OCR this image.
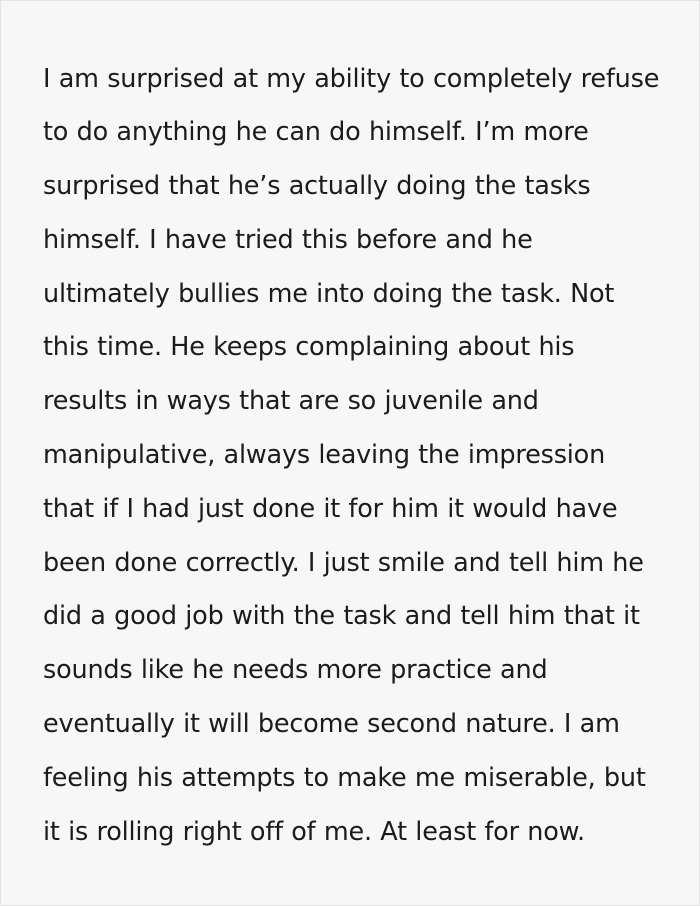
I am surprised at my ability to completely refuse to do anything he can do himself. I’m more surprised that he’s actually doing the tasks himself. I have tried this before and he ultimately bullies me into doing the task. Not this time. He keeps complaining about his results in ways that are so juvenile and manipulative, always leaving the impression that if I had just done it for him it would have been done correctly. I just smile and tell him he did a good job with the task and tell him that it sounds like he needs more practice and eventually it will become second nature. I am feeling his attempts to make me miserable, but it is rolling right off of me. At least for now.
